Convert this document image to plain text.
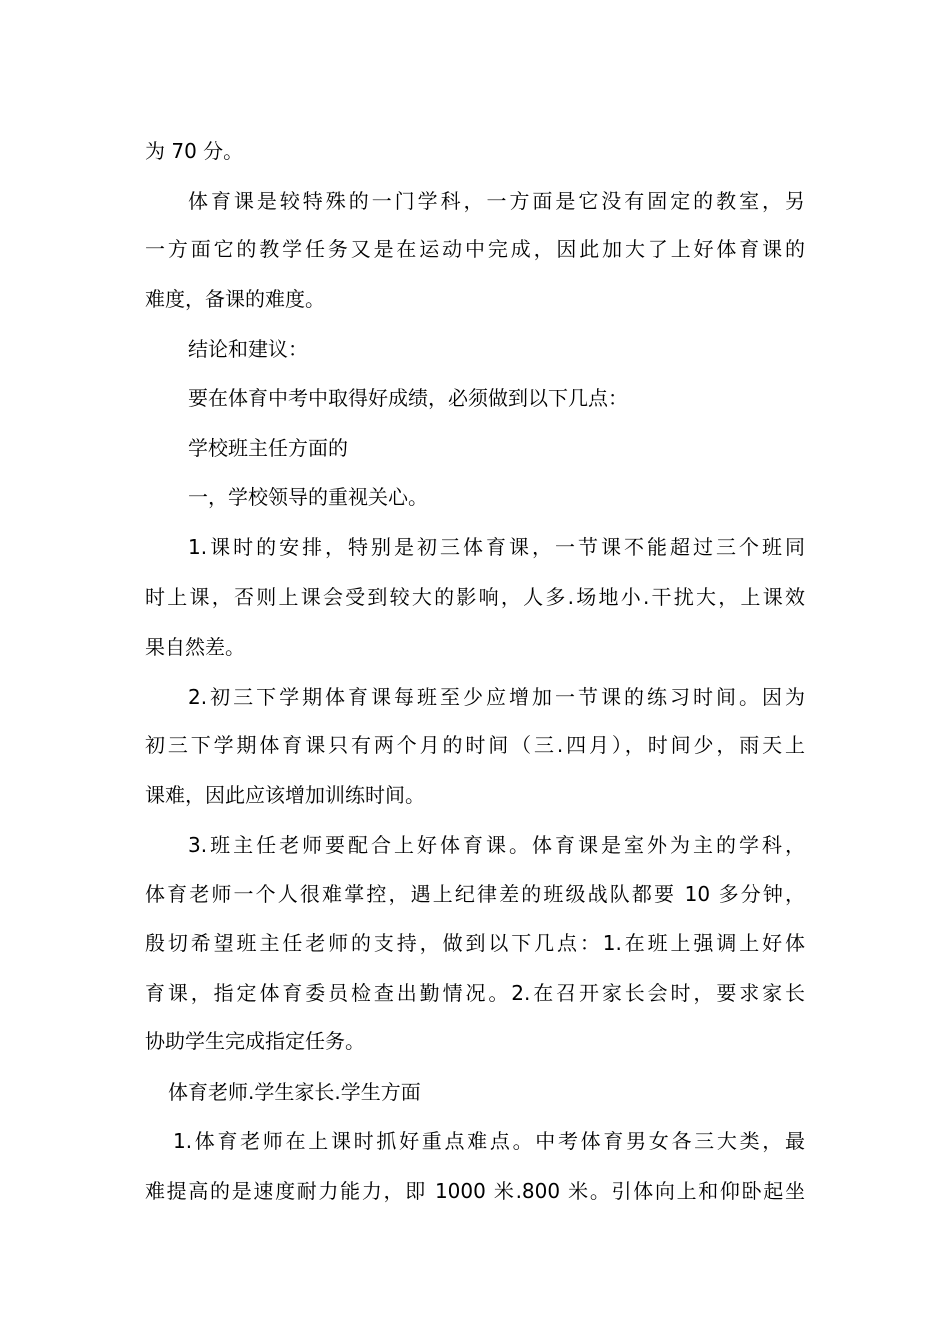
为 70 分。
体育课是较特殊的一门学科，一方面是它没有固定的教室，另
一方面它的教学任务又是在运动中完成，因此加大了上好体育课的
难度，备课的难度。
结论和建议：
要在体育中考中取得好成绩，必须做到以下几点：
学校班主任方面的
一，学校领导的重视关心。
1.课时的安排，特别是初三体育课，一节课不能超过三个班同
时上课，否则上课会受到较大的影响，人多.场地小.干扰大，上课效
果自然差。
2.初三下学期体育课每班至少应增加一节课的练习时间。因为
初三下学期体育课只有两个月的时间（三.四月），时间少，雨天上
课难，因此应该增加训练时间。
3.班主任老师要配合上好体育课。体育课是室外为主的学科，
体育老师一个人很难掌控，遇上纪律差的班级战队都要 10 多分钟，
殷切希望班主任老师的支持，做到以下几点：1.在班上强调上好体
育课，指定体育委员检查出勤情况。2.在召开家长会时，要求家长
协助学生完成指定任务。
体育老师.学生家长.学生方面
1.体育老师在上课时抓好重点难点。中考体育男女各三大类，最
难提高的是速度耐力能力，即 1000 米.800 米。引体向上和仰卧起坐
